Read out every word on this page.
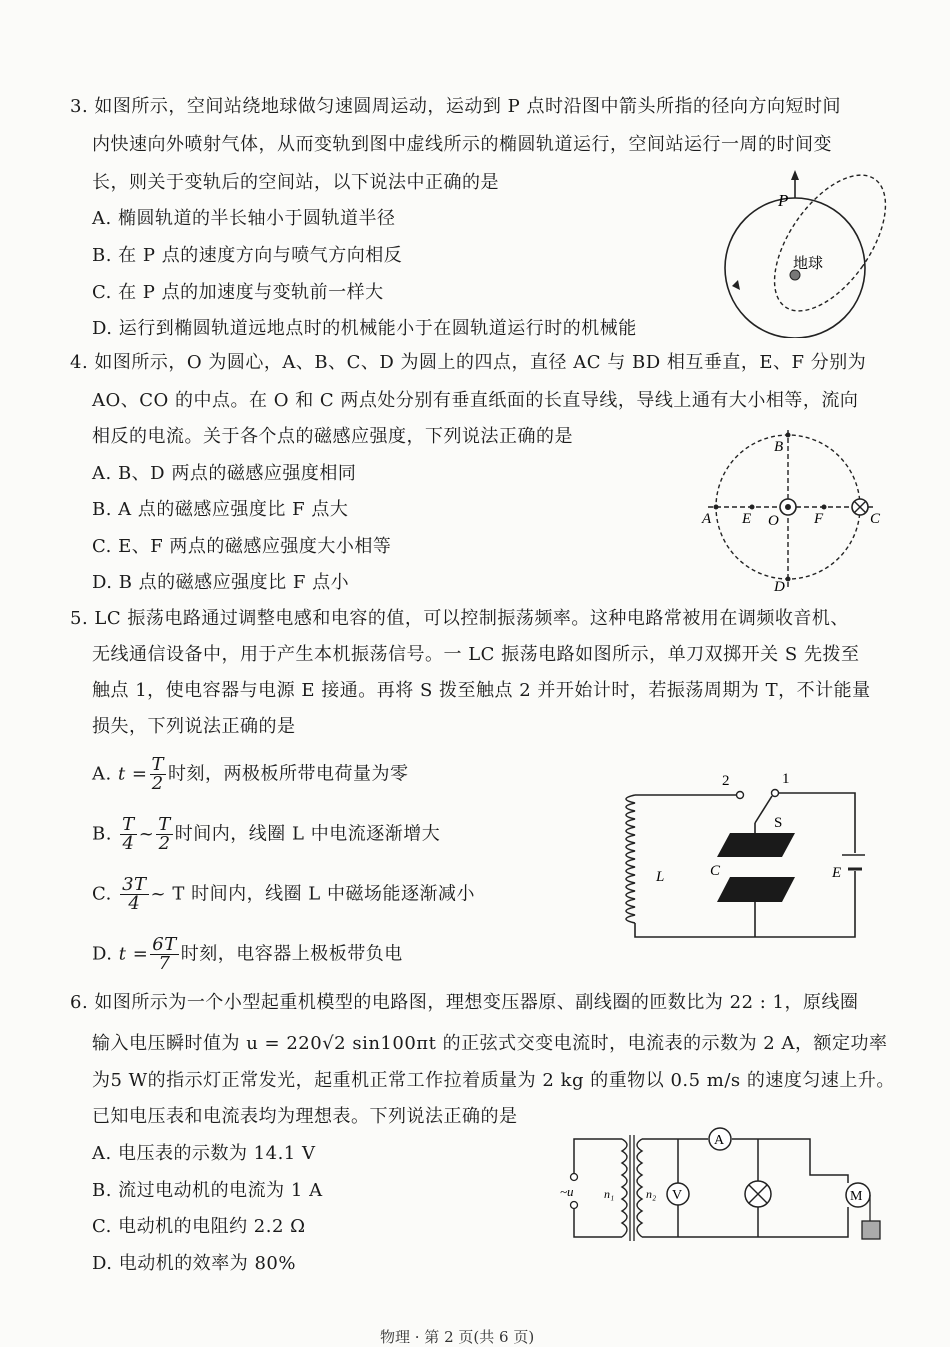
3. 如图所示，空间站绕地球做匀速圆周运动，运动到 P 点时沿图中箭头所指的径向方向短时间
内快速向外喷射气体，从而变轨到图中虚线所示的椭圆轨道运行，空间站运行一周的时间变
长，则关于变轨后的空间站，以下说法中正确的是
A. 椭圆轨道的半长轴小于圆轨道半径
B. 在 P 点的速度方向与喷气方向相反
C. 在 P 点的加速度与变轨前一样大
D. 运行到椭圆轨道远地点时的机械能小于在圆轨道运行时的机械能
P
地球
4. 如图所示，O 为圆心，A、B、C、D 为圆上的四点，直径 AC 与 BD 相互垂直，E、F 分别为
AO、CO 的中点。在 O 和 C 两点处分别有垂直纸面的长直导线，导线上通有大小相等，流向
相反的电流。关于各个点的磁感应强度，下列说法正确的是
A. B、D 两点的磁感应强度相同
B. A 点的磁感应强度比 F 点大
C. E、F 两点的磁感应强度大小相等
D. B 点的磁感应强度比 F 点小
A E O F	C
B
D
5. LC 振荡电路通过调整电感和电容的值，可以控制振荡频率。这种电路常被用在调频收音机、
无线通信设备中，用于产生本机振荡信号。一 LC 振荡电路如图所示，单刀双掷开关 S 先拨至
触点 1，使电容器与电源 E 接通。再将 S 拨至触点 2 并开始计时，若振荡周期为 T，不计能量
损失，下列说法正确的是
A. $t = \frac{T}{2}$ 时刻，两极板所带电荷量为零
B. $\frac{T}{4}$ ~ $\frac{T}{2}$ 时间内，线圈 L 中电流逐渐增大
C. $\frac{3T}{4}$ ~ T 时间内，线圈 L 中磁场能逐渐减小
D. $t = \frac{6T}{7}$ 时刻，电容器上极板带负电
2	1
S
L	C	E
6. 如图所示为一个小型起重机模型的电路图，理想变压器原、副线圈的匝数比为 22 : 1，原线圈
输入电压瞬时值为 u = 220√2 sin100πt 的正弦式交变电流时，电流表的示数为 2 A，额定功率
为5 W的指示灯正常发光，起重机正常工作拉着质量为 2 kg 的重物以 0.5 m/s 的速度匀速上升。
已知电压表和电流表均为理想表。下列说法正确的是
A. 电压表的示数为 14.1 V
B. 流过电动机的电流为 1 A
C. 电动机的电阻约 2.2 Ω
D. 电动机的效率为 80%
A
V	M
~u	n₁	n₂
物理 · 第 2 页(共 6 页)
